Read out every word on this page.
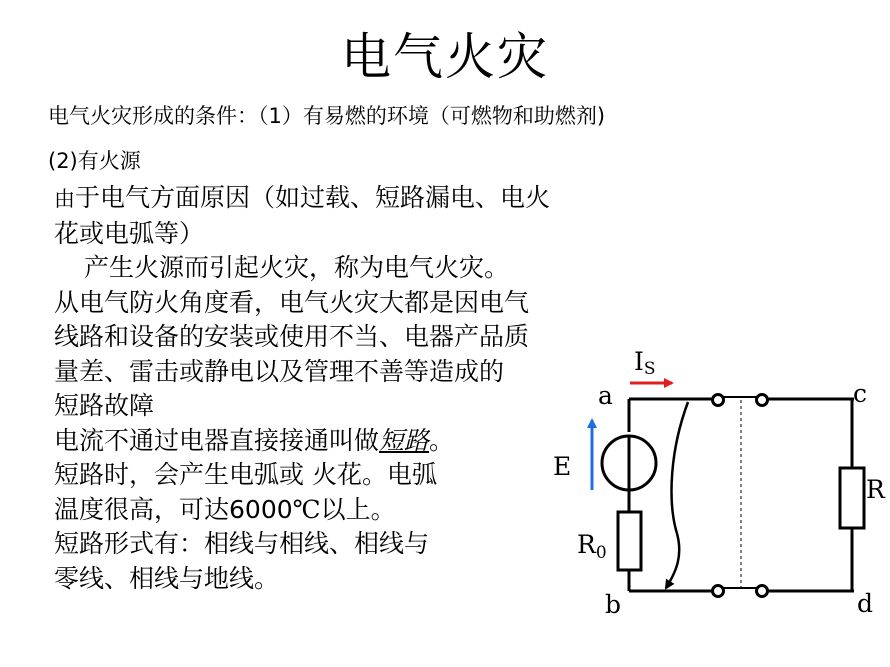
电气火灾
电气火灾形成的条件：（1）有易燃的环境（可燃物和助燃剂)
(2)有火源

由于电气方面原因（如过载、短路漏电、电火

花或电弧等）

产生火源而引起火灾，称为电气火灾。

从电气防火角度看，电气火灾大都是因电气

线路和设备的安装或使用不当、电器产品质

量差、雷击或静电以及管理不善等造成的

短路故障

电流不通过电器直接接通叫做短路。

短路时，会产生电弧或 火花。电弧

温度很高，可达6000℃以上。

短路形式有：相线与相线、相线与

零线、相线与地线。

IS
a
b
c
d
E
$R_0$
R
